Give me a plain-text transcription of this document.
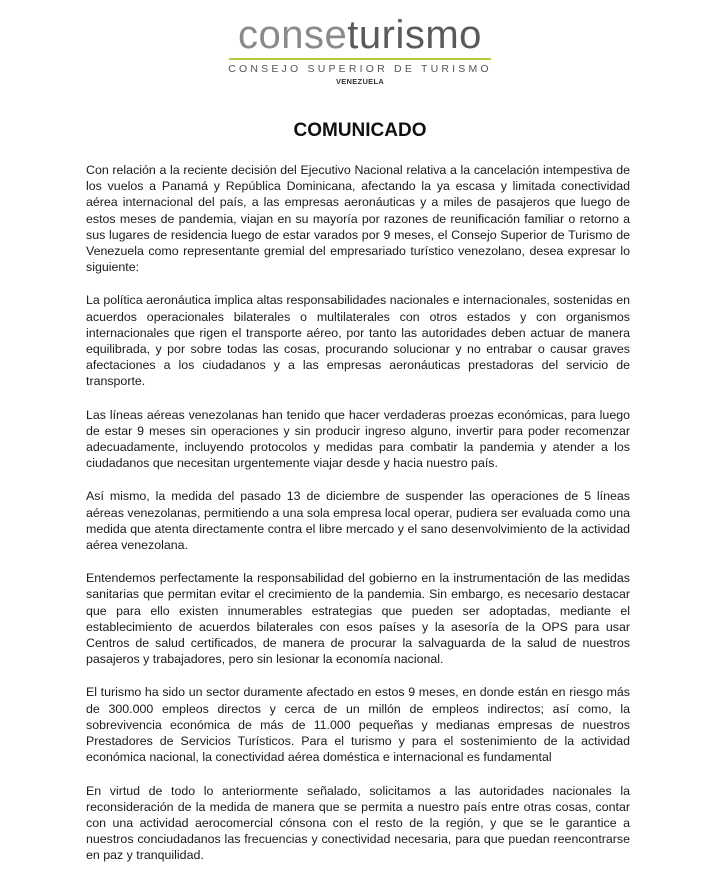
conseturismo
CONSEJO SUPERIOR DE TURISMO
VENEZUELA
COMUNICADO

Con relación a la reciente decisión del Ejecutivo Nacional relativa a la cancelación intempestiva de los vuelos a Panamá y República Dominicana, afectando la ya escasa y limitada conectividad aérea internacional del país, a las empresas aeronáuticas y a miles de pasajeros que luego de estos meses de pandemia, viajan en su mayoría por razones de reunificación familiar o retorno a sus lugares de residencia luego de estar varados por 9 meses, el Consejo Superior de Turismo de Venezuela como representante gremial del empresariado turístico venezolano, desea expresar lo siguiente:

La política aeronáutica implica altas responsabilidades nacionales e internacionales, sostenidas en acuerdos operacionales bilaterales o multilaterales con otros estados y con organismos internacionales que rigen el transporte aéreo, por tanto las autoridades deben actuar de manera equilibrada, y por sobre todas las cosas, procurando solucionar y no entrabar o causar graves afectaciones a los ciudadanos y a las empresas aeronáuticas prestadoras del servicio de transporte.

Las líneas aéreas venezolanas han tenido que hacer verdaderas proezas económicas, para luego de estar 9 meses sin operaciones y sin producir ingreso alguno, invertir para poder recomenzar adecuadamente, incluyendo protocolos y medidas para combatir la pandemia y atender a los ciudadanos que necesitan urgentemente viajar desde y hacia nuestro país.

Así mismo, la medida del pasado 13 de diciembre de suspender las operaciones de 5 líneas aéreas venezolanas, permitiendo a una sola empresa local operar, pudiera ser evaluada como una medida que atenta directamente contra el libre mercado y el sano desenvolvimiento de la actividad aérea venezolana.

Entendemos perfectamente la responsabilidad del gobierno en la instrumentación de las medidas sanitarias que permitan evitar el crecimiento de la pandemia. Sin embargo, es necesario destacar que para ello existen innumerables estrategias que pueden ser adoptadas, mediante el establecimiento de acuerdos bilaterales con esos países y la asesoría de la OPS para usar Centros de salud certificados, de manera de procurar la salvaguarda de la salud de nuestros pasajeros y trabajadores, pero sin lesionar la economía nacional.

El turismo ha sido un sector duramente afectado en estos 9 meses, en donde están en riesgo más de 300.000 empleos directos y cerca de un millón de empleos indirectos; así como, la sobrevivencia económica de más de 11.000 pequeñas y medianas empresas de nuestros Prestadores de Servicios Turísticos. Para el turismo y para el sostenimiento de la actividad económica nacional, la conectividad aérea doméstica e internacional es fundamental

En virtud de todo lo anteriormente señalado, solicitamos a las autoridades nacionales la reconsideración de la medida de manera que se permita a nuestro país entre otras cosas, contar con una actividad aerocomercial cónsona con el resto de la región, y que se le garantice a nuestros conciudadanos las frecuencias y conectividad necesaria, para que puedan reencontrarse en paz y tranquilidad.
